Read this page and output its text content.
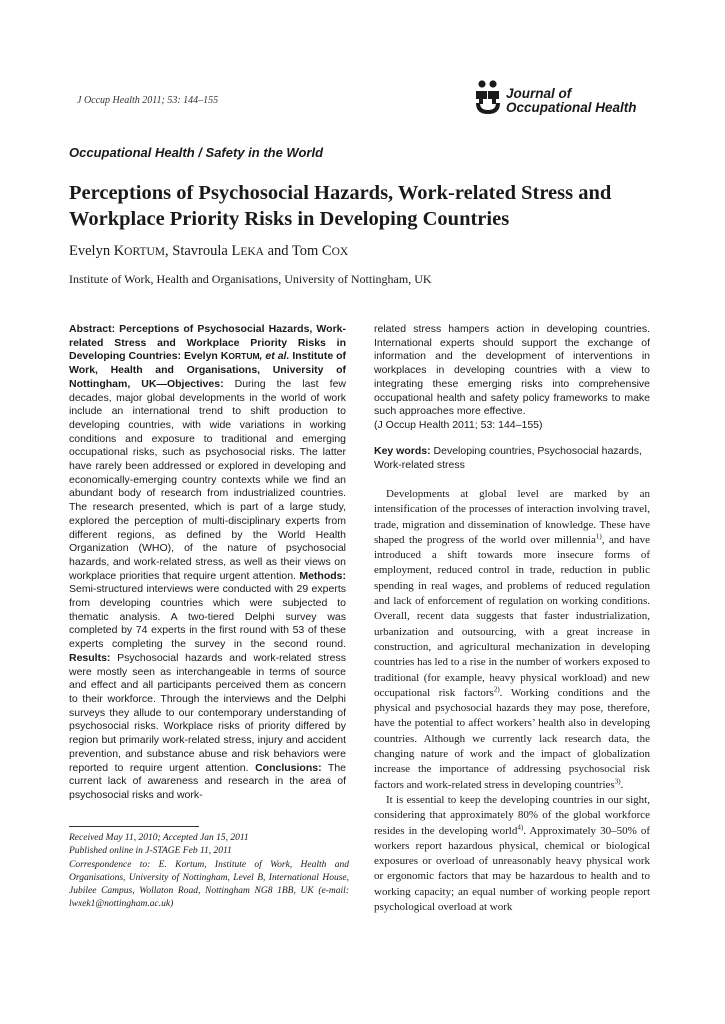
J Occup Health 2011; 53: 144–155	Journal of
Occupational Health
Occupational Health / Safety in the World
Perceptions of Psychosocial Hazards, Work-related Stress and Workplace Priority Risks in Developing Countries
Evelyn KORTUM, Stavroula LEKA and Tom COX
Institute of Work, Health and Organisations, University of Nottingham, UK

Abstract: Perceptions of Psychosocial Hazards, Work-related Stress and Workplace Priority Risks in Developing Countries: Evelyn KORTUM, et al. Institute of Work, Health and Organisations, University of Nottingham, UK—Objectives: During the last few decades, major global developments in the world of work include an international trend to shift production to developing countries, with wide variations in working conditions and exposure to traditional and emerging occupational risks, such as psychosocial risks. The latter have rarely been addressed or explored in developing and economically-emerging country contexts while we find an abundant body of research from industrialized countries. The research presented, which is part of a large study, explored the perception of multi-disciplinary experts from different regions, as defined by the World Health Organization (WHO), of the nature of psychosocial hazards, and work-related stress, as well as their views on workplace priorities that require urgent attention. Methods: Semi-structured interviews were conducted with 29 experts from developing countries which were subjected to thematic analysis. A two-tiered Delphi survey was completed by 74 experts in the first round with 53 of these experts completing the survey in the second round. Results: Psychosocial hazards and work-related stress were mostly seen as interchangeable in terms of source and effect and all participants perceived them as concern to their workforce. Through the interviews and the Delphi surveys they allude to our contemporary understanding of psychosocial risks. Workplace risks of priority differed by region but primarily work-related stress, injury and accident prevention, and substance abuse and risk behaviors were reported to require urgent attention. Conclusions: The current lack of awareness and research in the area of psychosocial risks and work-

related stress hampers action in developing countries. International experts should support the exchange of information and the development of interventions in workplaces in developing countries with a view to integrating these emerging risks into comprehensive occupational health and safety policy frameworks to make such approaches more effective.
(J Occup Health 2011; 53: 144–155)

Key words: Developing countries, Psychosocial hazards, Work-related stress

Developments at global level are marked by an intensification of the processes of interaction involving travel, trade, migration and dissemination of knowledge. These have shaped the progress of the world over millennia$^{1)}$, and have introduced a shift towards more insecure forms of employment, reduced control in trade, reduction in public spending in real wages, and problems of reduced regulation and lack of enforcement of regulation on working conditions. Overall, recent data suggests that faster industrialization, urbanization and outsourcing, with a great increase in construction, and agricultural mechanization in developing countries has led to a rise in the number of workers exposed to traditional (for example, heavy physical workload) and new occupational risk factors$^{2)}$. Working conditions and the physical and psychosocial hazards they may pose, therefore, have the potential to affect workers’ health also in developing countries. Although we currently lack research data, the changing nature of work and the impact of globalization increase the importance of addressing psychosocial risk factors and work-related stress in developing countries$^{3)}$.

It is essential to keep the developing countries in our sight, considering that approximately 80% of the global workforce resides in the developing world$^{4)}$. Approximately 30–50% of workers report hazardous physical, chemical or biological exposures or overload of unreasonably heavy physical work or ergonomic factors that may be hazardous to health and to working capacity; an equal number of working people report psychological overload at work

Received May 11, 2010; Accepted Jan 15, 2011
Published online in J-STAGE Feb 11, 2011
Correspondence to: E. Kortum, Institute of Work, Health and Organisations, University of Nottingham, Level B, International House, Jubilee Campus, Wollaton Road, Nottingham NG8 1BB, UK (e-mail: lwxek1@nottingham.ac.uk)
